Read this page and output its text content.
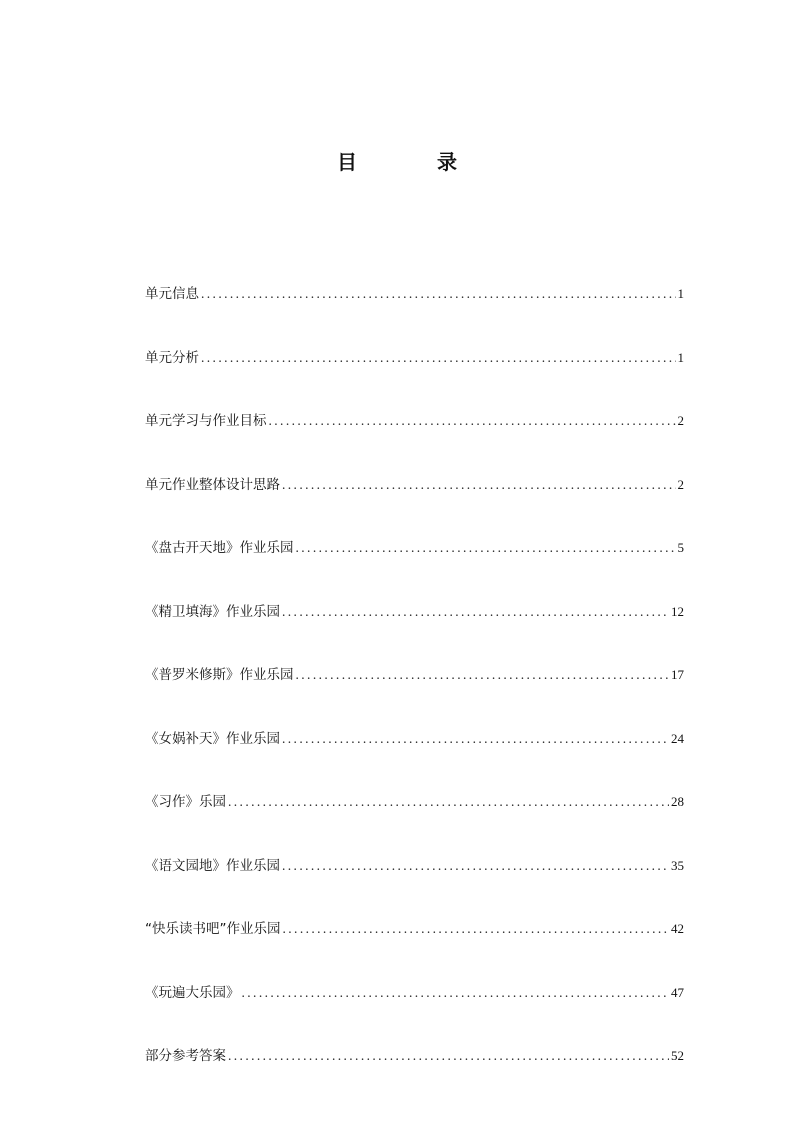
目　录
单元信息 .....	1
单元分析 .....	1
单元学习与作业目标 .....	2
单元作业整体设计思路 .....	2
《盘古开天地》作业乐园 .....	5
《精卫填海》作业乐园 .....	12
《普罗米修斯》作业乐园 .....	17
《女娲补天》作业乐园 .....	24
《习作》乐园 .....	28
《语文园地》作业乐园 .....	35
“快乐读书吧”作业乐园 .....	42
《玩遍大乐园》 .....	47
部分参考答案 .....	52
